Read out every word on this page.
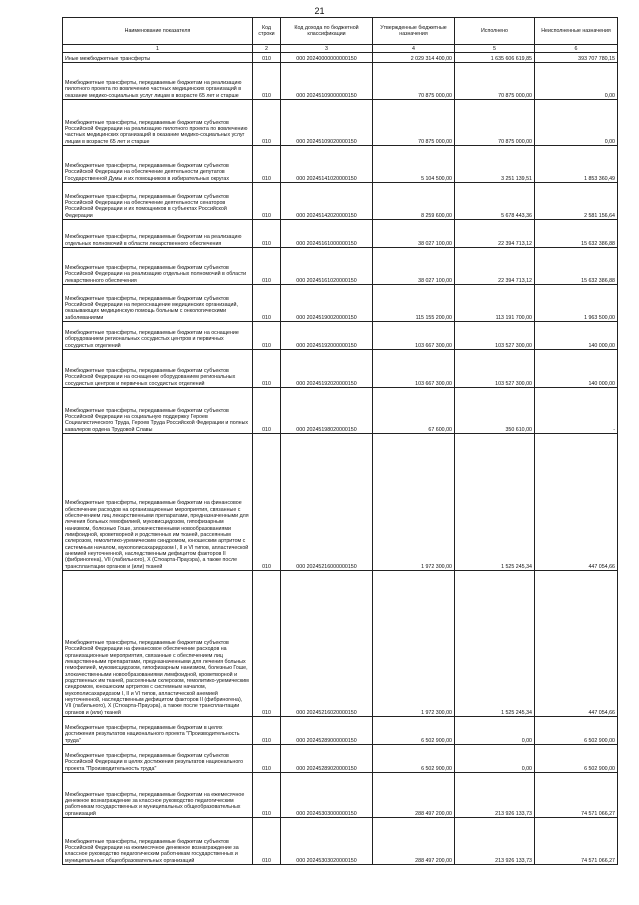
21
Наименование показателя	Код строки	Код дохода по бюджетной классификации	Утвержденные бюджетные назначения	Исполнено	Неисполненные назначения
1	2	3	4	5	6
Иные межбюджетные трансферты	010	000 20240000000000150	2 029 314 400,00	1 635 606 619,85	393 707 780,15
Межбюджетные трансферты, передаваемые бюджетам на реализацию пилотного проекта по вовлечению частных медицинских организаций в оказание медико-социальных услуг лицам в возрасте 65 лет и старше	010	000 20245109000000150	70 875 000,00	70 875 000,00	0,00
Межбюджетные трансферты, передаваемые бюджетам субъектов Российской Федерации на реализацию пилотного проекта по вовлечению частных медицинских организаций в оказание медико-социальных услуг лицам в возрасте 65 лет и старше	010	000 20245109020000150	70 875 000,00	70 875 000,00	0,00
Межбюджетные трансферты, передаваемые бюджетам субъектов Российской Федерации на обеспечение деятельности депутатов Государственной Думы и их помощников в избирательных округах	010	000 20245141020000150	5 104 500,00	3 251 139,51	1 853 360,49
Межбюджетные трансферты, передаваемые бюджетам субъектов Российской Федерации на обеспечение деятельности сенаторов Российской Федерации и их помощников в субъектах Российской Федерации	010	000 20245142020000150	8 259 600,00	5 678 443,36	2 581 156,64
Межбюджетные трансферты, передаваемые бюджетам на реализацию отдельных полномочий в области лекарственного обеспечения	010	000 20245161000000150	38 027 100,00	22 394 713,12	15 632 386,88
Межбюджетные трансферты, передаваемые бюджетам субъектов Российской Федерации на реализацию отдельных полномочий в области лекарственного обеспечения	010	000 20245161020000150	38 027 100,00	22 394 713,12	15 632 386,88
Межбюджетные трансферты, передаваемые бюджетам субъектов Российской Федерации на переоснащение медицинских организаций, оказывающих медицинскую помощь больным с онкологическими заболеваниями	010	000 20245190020000150	115 155 200,00	113 191 700,00	1 963 500,00
Межбюджетные трансферты, передаваемые бюджетам на оснащение оборудованием региональных сосудистых центров и первичных сосудистых отделений	010	000 20245192000000150	103 667 300,00	103 527 300,00	140 000,00
Межбюджетные трансферты, передаваемые бюджетам субъектов Российской Федерации на оснащение оборудованием региональных сосудистых центров и первичных сосудистых отделений	010	000 20245192020000150	103 667 300,00	103 527 300,00	140 000,00
Межбюджетные трансферты, передаваемые бюджетам субъектов Российской Федерации на социальную поддержку Героев Социалистического Труда, Героев Труда Российской Федерации и полных кавалеров ордена Трудовой Славы	010	000 20245198020000150	67 600,00	350 610,00	-
Межбюджетные трансферты, передаваемые бюджетам на финансовое обеспечение расходов на организационные мероприятия, связанные с обеспечением лиц лекарственными препаратами, предназначенными для лечения больных гемофилией, муковисцидозом, гипофизарным нанизмом, болезнью Гоше, злокачественными новообразованиями лимфоидной, кроветворной и родственных им тканей, рассеянным склерозом, гемолитико-уремическим синдромом, юношеским артритом с системным началом, мукополисахаридозом I, II и VI типов, апластической анемией неуточненной, наследственным дефицитом факторов II (фибриногена), VII (лабильного), X (Стюарта-Прауэра), а также после трансплантации органов и (или) тканей	010	000 20245216000000150	1 972 300,00	1 525 245,34	447 054,66
Межбюджетные трансферты, передаваемые бюджетам субъектов Российской Федерации на финансовое обеспечение расходов на организационные мероприятия, связанные с обеспечением лиц лекарственными препаратами, предназначенными для лечения больных гемофилией, муковисцидозом, гипофизарным нанизмом, болезнью Гоше, злокачественными новообразованиями лимфоидной, кроветворной и родственных им тканей, рассеянным склерозом, гемолитико-уремическим синдромом, юношеским артритом с системным началом, мукополисахаридозом I, II и VI типов, апластической анемией неуточненной, наследственным дефицитом факторов II (фибриногена), VII (лабильного), X (Стюарта-Прауэра), а также после трансплантации органов и (или) тканей	010	000 20245216020000150	1 972 300,00	1 525 245,34	447 054,66
Межбюджетные трансферты, передаваемые бюджетам в целях достижения результатов национального проекта "Производительность труда"	010	000 20245289000000150	6 502 900,00	0,00	6 502 900,00
Межбюджетные трансферты, передаваемые бюджетам субъектов Российской Федерации в целях достижения результатов национального проекта "Производительность труда"	010	000 20245289020000150	6 502 900,00	0,00	6 502 900,00
Межбюджетные трансферты, передаваемые бюджетам на ежемесячное денежное вознаграждение за классное руководство педагогическим работникам государственных и муниципальных общеобразовательных организаций	010	000 20245303000000150	288 497 200,00	213 926 133,73	74 571 066,27
Межбюджетные трансферты, передаваемые бюджетам субъектов Российской Федерации на ежемесячное денежное вознаграждение за классное руководство педагогическим работникам государственных и муниципальных общеобразовательных организаций	010	000 20245303020000150	288 497 200,00	213 926 133,73	74 571 066,27
